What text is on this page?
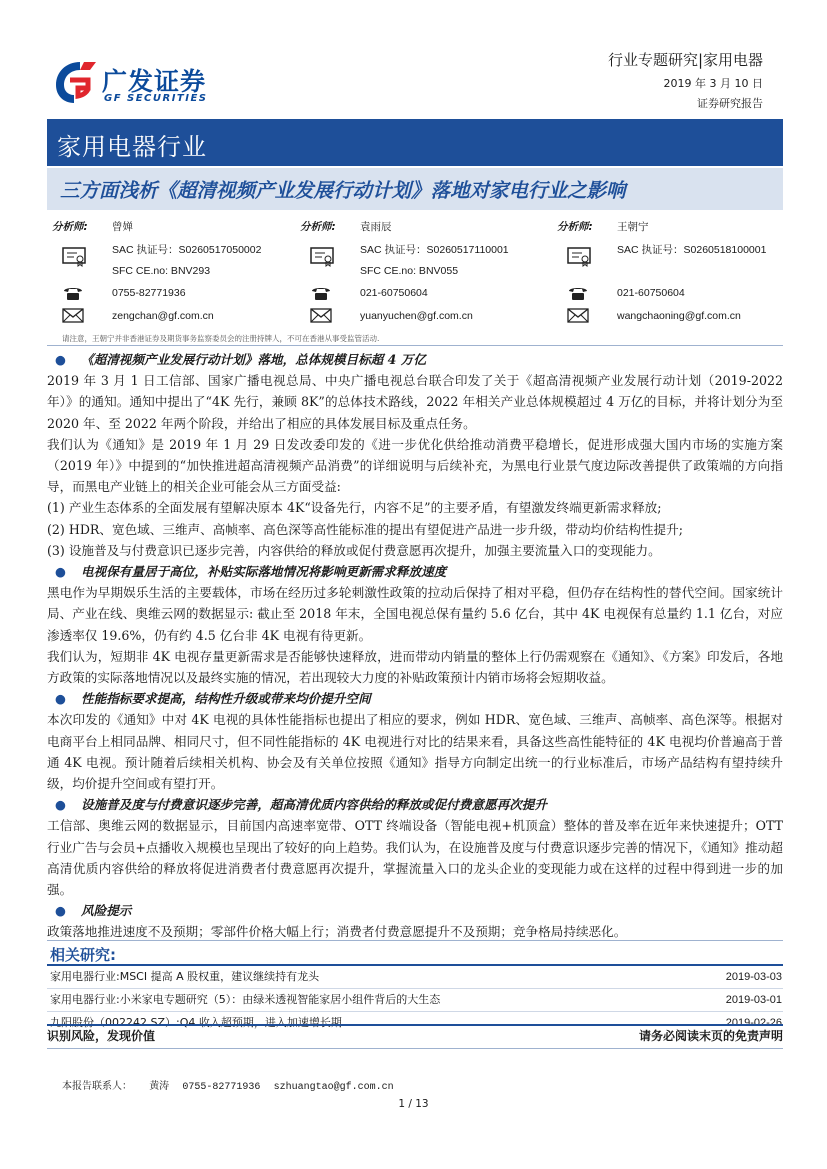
广发证券
GF SECURITIES
行业专题研究|家用电器
2019 年 3 月 10 日
证券研究报告
家用电器行业
三方面浅析《超清视频产业发展行动计划》落地对家电行业之影响
分析师: 曾婵
SAC 执证号：S0260517050002
SFC CE.no: BNV293
0755-82771936
zengchan@gf.com.cn
分析师: 袁雨辰
SAC 执证号：S0260517110001
SFC CE.no: BNV055
021-60750604
yuanyuchen@gf.com.cn
分析师: 王朝宁
SAC 执证号：S0260518100001
021-60750604
wangchaoning@gf.com.cn
请注意，王朝宁并非香港证券及期货事务监察委员会的注册持牌人，不可在香港从事受监管活动.

● 《超清视频产业发展行动计划》落地，总体规模目标超 4 万亿

2019 年 3 月 1 日工信部、国家广播电视总局、中央广播电视总台联合印发了关于《超高清视频产业发展行动计划（2019-2022 年）》的通知。通知中提出了“4K 先行，兼顾 8K”的总体技术路线，2022 年相关产业总体规模超过 4 万亿的目标，并将计划分为至 2020 年、至 2022 年两个阶段，并给出了相应的具体发展目标及重点任务。

我们认为《通知》是 2019 年 1 月 29 日发改委印发的《进一步优化供给推动消费平稳增长，促进形成强大国内市场的实施方案（2019 年）》中提到的“加快推进超高清视频产品消费”的详细说明与后续补充，为黑电行业景气度边际改善提供了政策端的方向指导，而黑电产业链上的相关企业可能会从三方面受益:

(1) 产业生态体系的全面发展有望解决原本 4K“设备先行，内容不足”的主要矛盾，有望激发终端更新需求释放;

(2) HDR、宽色域、三维声、高帧率、高色深等高性能标准的提出有望促进产品进一步升级，带动均价结构性提升;

(3) 设施普及与付费意识已逐步完善，内容供给的释放或促付费意愿再次提升，加强主要流量入口的变现能力。

● 电视保有量居于高位，补贴实际落地情况将影响更新需求释放速度

黑电作为早期娱乐生活的主要载体，市场在经历过多轮刺激性政策的拉动后保持了相对平稳，但仍存在结构性的替代空间。国家统计局、产业在线、奥维云网的数据显示: 截止至 2018 年末，全国电视总保有量约 5.6 亿台，其中 4K 电视保有总量约 1.1 亿台，对应渗透率仅 19.6%，仍有约 4.5 亿台非 4K 电视有待更新。

我们认为，短期非 4K 电视存量更新需求是否能够快速释放，进而带动内销量的整体上行仍需观察在《通知》、《方案》印发后，各地方政策的实际落地情况以及最终实施的情况，若出现较大力度的补贴政策预计内销市场将会短期收益。

● 性能指标要求提高，结构性升级或带来均价提升空间

本次印发的《通知》中对 4K 电视的具体性能指标也提出了相应的要求，例如 HDR、宽色域、三维声、高帧率、高色深等。根据对电商平台上相同品牌、相同尺寸，但不同性能指标的 4K 电视进行对比的结果来看，具备这些高性能特征的 4K 电视均价普遍高于普通 4K 电视。预计随着后续相关机构、协会及有关单位按照《通知》指导方向制定出统一的行业标准后，市场产品结构有望持续升级，均价提升空间或有望打开。

● 设施普及度与付费意识逐步完善，超高清优质内容供给的释放或促付费意愿再次提升

工信部、奥维云网的数据显示，目前国内高速率宽带、OTT 终端设备（智能电视+机顶盒）整体的普及率在近年来快速提升；OTT 行业广告与会员+点播收入规模也呈现出了较好的向上趋势。我们认为，在设施普及度与付费意识逐步完善的情况下，《通知》推动超高清优质内容供给的释放将促进消费者付费意愿再次提升，掌握流量入口的龙头企业的变现能力或在这样的过程中得到进一步的加强。

● 风险提示

政策落地推进速度不及预期；零部件价格大幅上行；消费者付费意愿提升不及预期；竞争格局持续恶化。

相关研究:
家用电器行业:MSCI 提高 A 股权重，建议继续持有龙头	2019-03-03
家用电器行业:小米家电专题研究（5）：由绿米透视智能家居小组件背后的大生态	2019-03-01
九阳股份（002242.SZ）:Q4 收入超预期，进入加速增长期	2019-02-26
识别风险，发现价值	请务必阅读末页的免责声明
本报告联系人： 黄涛 0755-82771936 szhuangtao@gf.com.cn
1 / 13
